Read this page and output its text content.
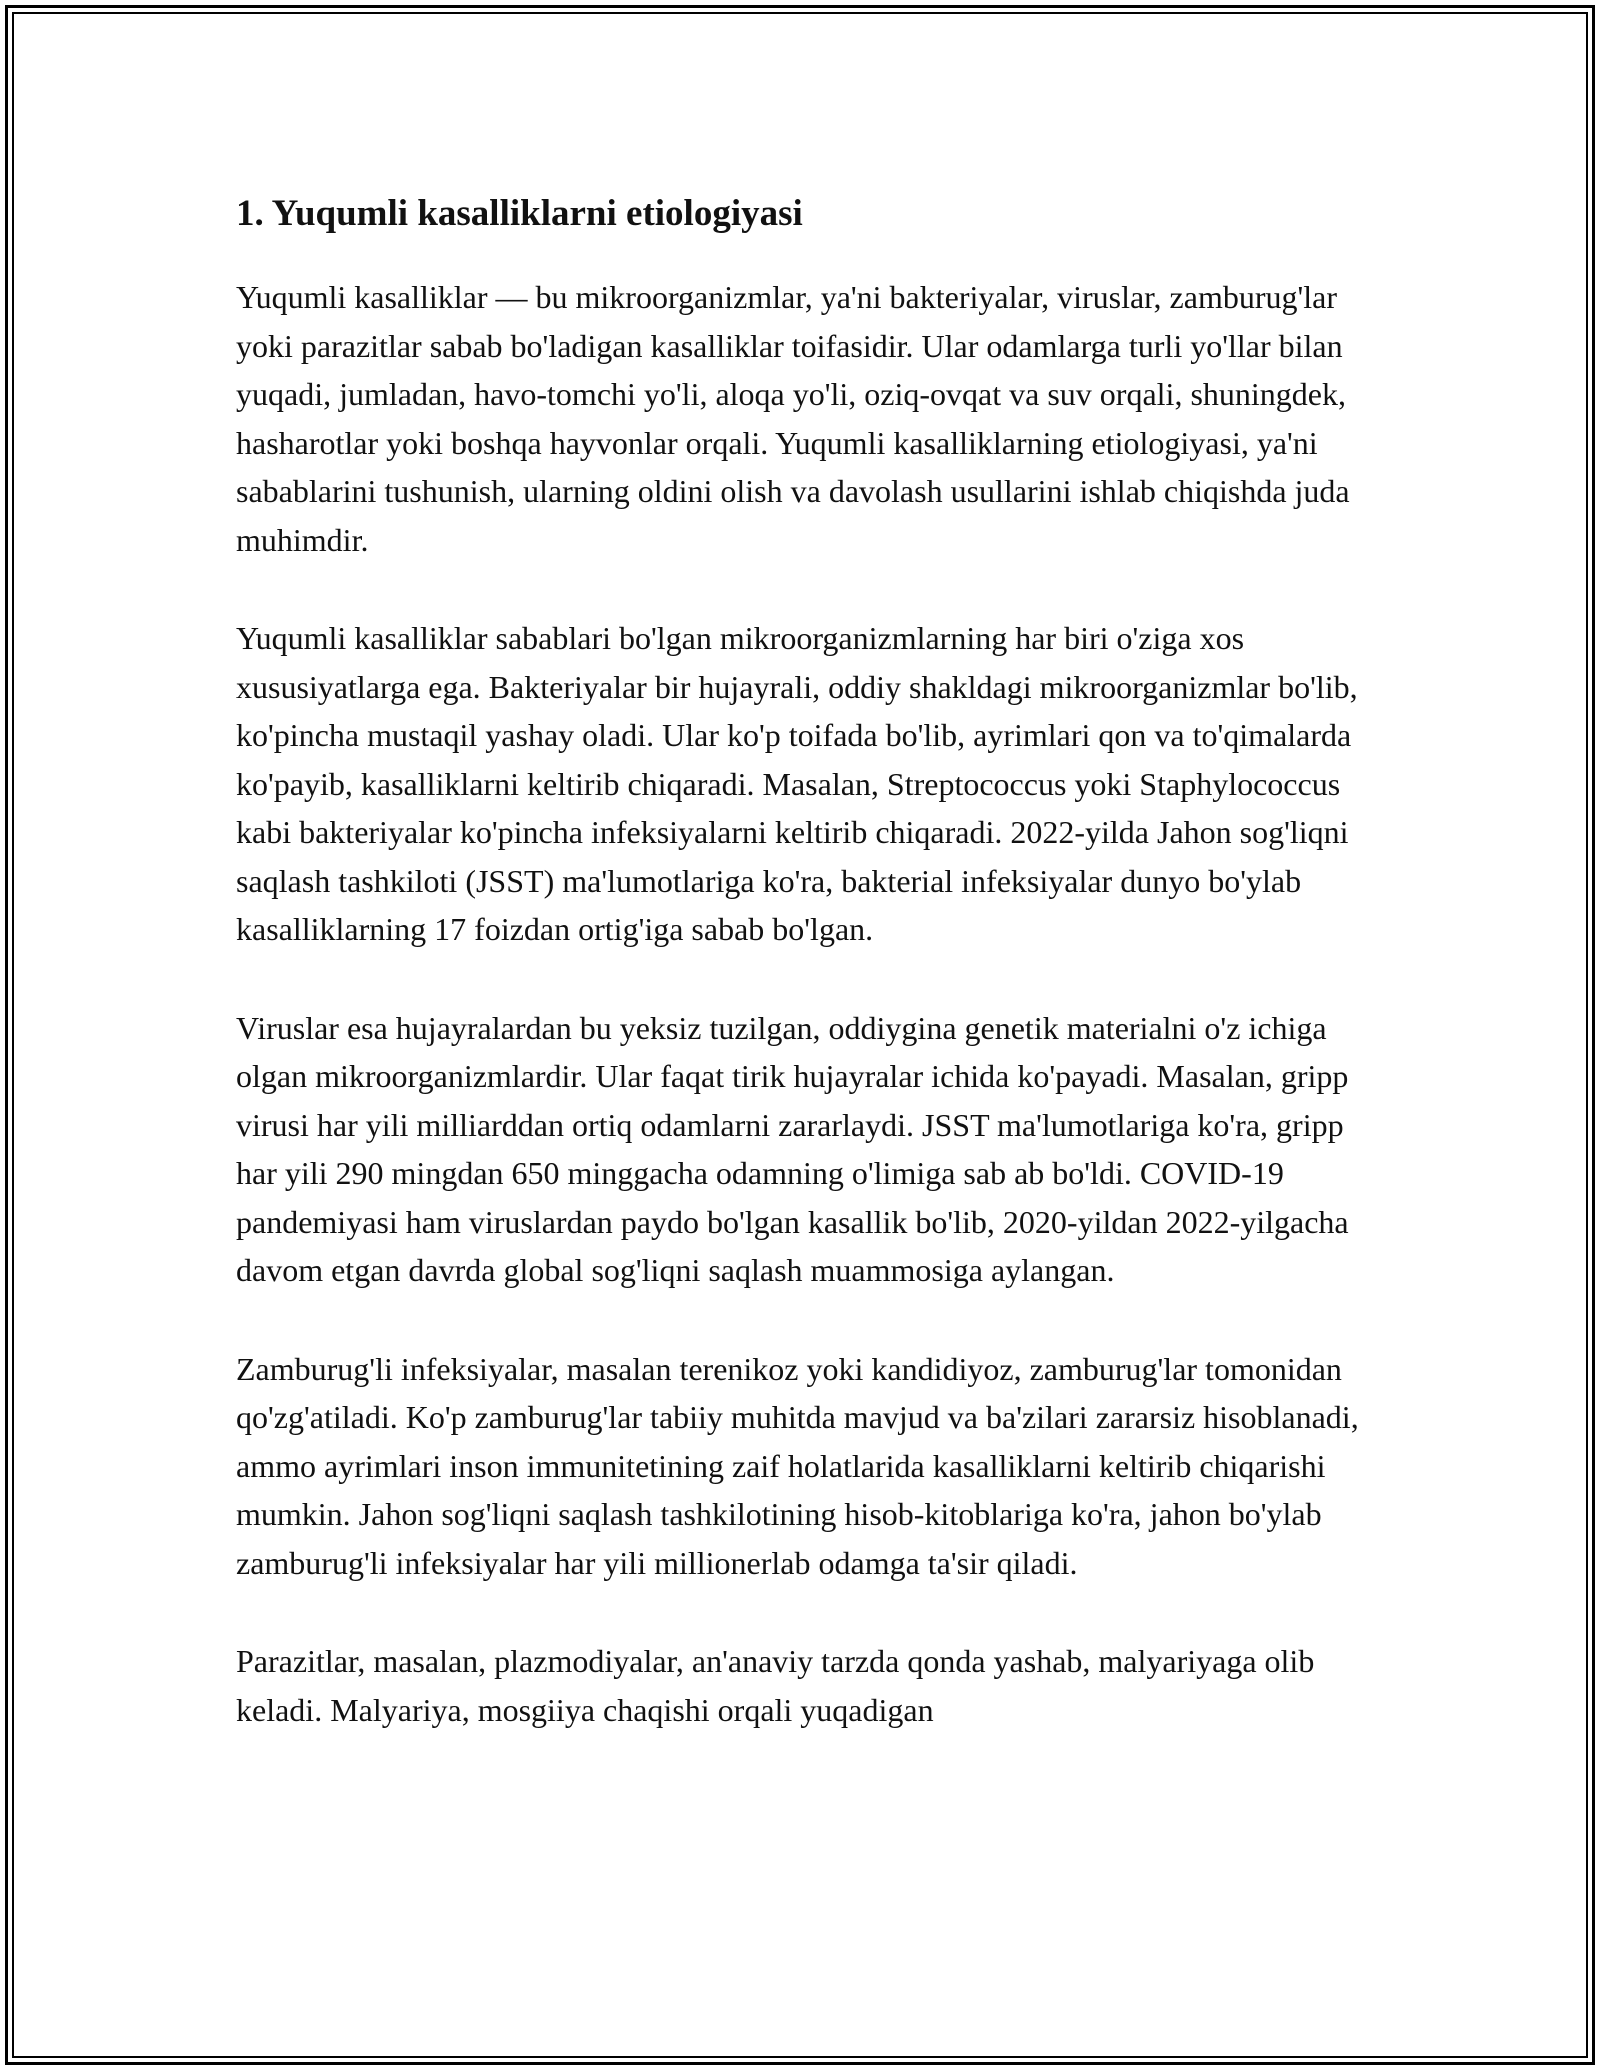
1. Yuqumli kasalliklarni etiologiyasi

Yuqumli kasalliklar — bu mikroorganizmlar, ya'ni bakteriyalar, viruslar, zamburug'lar yoki parazitlar sabab bo'ladigan kasalliklar toifasidir. Ular odamlarga turli yo'llar bilan yuqadi, jumladan, havo-tomchi yo'li, aloqa yo'li, oziq-ovqat va suv orqali, shuningdek, hasharotlar yoki boshqa hayvonlar orqali. Yuqumli kasalliklarning etiologiyasi, ya'ni sabablarini tushunish, ularning oldini olish va davolash usullarini ishlab chiqishda juda muhimdir.

Yuqumli kasalliklar sabablari bo'lgan mikroorganizmlarning har biri o'ziga xos xususiyatlarga ega. Bakteriyalar bir hujayrali, oddiy shakldagi mikroorganizmlar bo'lib, ko'pincha mustaqil yashay oladi. Ular ko'p toifada bo'lib, ayrimlari qon va to'qimalarda ko'payib, kasalliklarni keltirib chiqaradi. Masalan, Streptococcus yoki Staphylococcus kabi bakteriyalar ko'pincha infeksiyalarni keltirib chiqaradi. 2022-yilda Jahon sog'liqni saqlash tashkiloti (JSST) ma'lumotlariga ko'ra, bakterial infeksiyalar dunyo bo'ylab kasalliklarning 17 foizdan ortig'iga sabab bo'lgan.

Viruslar esa hujayralardan bu yeksiz tuzilgan, oddiygina genetik materialni o'z ichiga olgan mikroorganizmlardir. Ular faqat tirik hujayralar ichida ko'payadi. Masalan, gripp virusi har yili milliarddan ortiq odamlarni zararlaydi. JSST ma'lumotlariga ko'ra, gripp har yili 290 mingdan 650 minggacha odamning o'limiga sab ab bo'ldi. COVID-19 pandemiyasi ham viruslardan paydo bo'lgan kasallik bo'lib, 2020-yildan 2022-yilgacha davom etgan davrda global sog'liqni saqlash muammosiga aylangan.

Zamburug'li infeksiyalar, masalan terenikoz yoki kandidiyoz, zamburug'lar tomonidan qo'zg'atiladi. Ko'p zamburug'lar tabiiy muhitda mavjud va ba'zilari zararsiz hisoblanadi, ammo ayrimlari inson immunitetining zaif holatlarida kasalliklarni keltirib chiqarishi mumkin. Jahon sog'liqni saqlash tashkilotining hisob-kitoblariga ko'ra, jahon bo'ylab zamburug'li infeksiyalar har yili millionerlab odamga ta'sir qiladi.

Parazitlar, masalan, plazmodiyalar, an'anaviy tarzda qonda yashab, malyariyaga olib keladi. Malyariya, mosgiiya chaqishi orqali yuqadigan
